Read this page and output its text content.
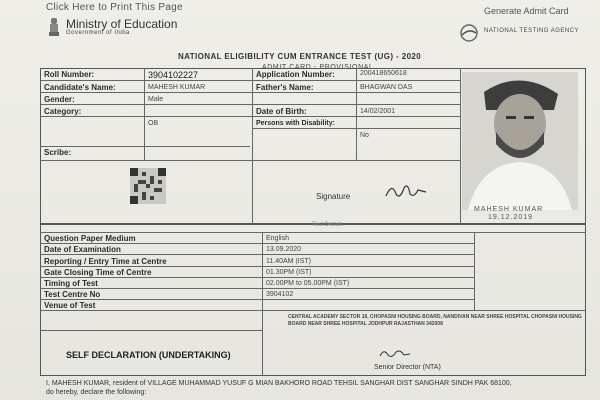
Click Here to Print This Page
Ministry of Education
Government of India
Generate Admit Card
NATIONAL TESTING AGENCY
NATIONAL ELIGIBILITY CUM ENTRANCE TEST (UG) - 2020
ADMIT CARD - PROVISIONAL
Roll Number:	3904102227
Candidate's Name:	MAHESH KUMAR
Gender:	Male
Category:
OB
Scribe:
Application Number:	200418650618
Father's Name:	BHAGWAN DAS
Date of Birth:	14/02/2001
Persons with Disability:
No
MAHESH KUMAR
19.12.2019
Signature
Test Details
Question Paper Medium	English
Date of Examination	13.09.2020
Reporting / Entry Time at Centre	11.40AM (IST)
Gate Closing Time of Centre	01.30PM (IST)
Timing of Test	02.00PM to 05.00PM (IST)
Test Centre No	3904102
Venue of Test
CENTRAL ACADEMY SECTOR 16, CHOPASNI HOUSING BOARD, NANDIVAN NEAR SHREE HOSPITAL CHOPASNI HOUSING BOARD NEAR SHREE HOSPITAL JODHPUR RAJASTHAN 342008
SELF DECLARATION (UNDERTAKING)
Senior Director (NTA)
I, MAHESH KUMAR, resident of VILLAGE MUHAMMAD YUSUF G MIAN BAKHORO ROAD TEHSIL SANGHAR DIST SANGHAR SINDH PAK 68100,
do hereby, declare the following:
